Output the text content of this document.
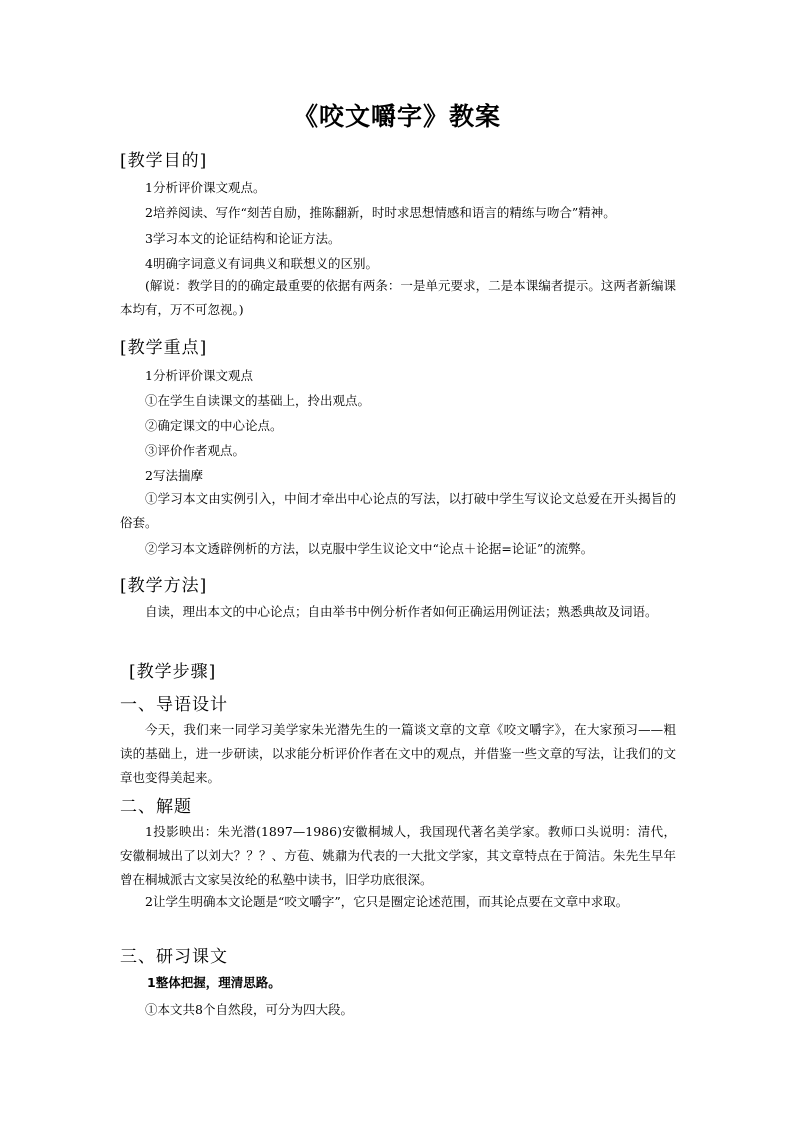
《咬文嚼字》教案
[教学目的]
1分析评价课文观点。
2培养阅读、写作“刻苦自励，推陈翻新，时时求思想情感和语言的精练与吻合”精神。
3学习本文的论证结构和论证方法。
4明确字词意义有词典义和联想义的区别。
(解说：教学目的的确定最重要的依据有两条：一是单元要求，二是本课编者提示。这两者新编课本均有，万不可忽视。)
[教学重点]
1分析评价课文观点
①在学生自读课文的基础上，拎出观点。
②确定课文的中心论点。
③评价作者观点。
2写法揣摩
①学习本文由实例引入，中间才牵出中心论点的写法，以打破中学生写议论文总爱在开头揭旨的俗套。
②学习本文透辟例析的方法，以克服中学生议论文中“论点＋论据=论证”的流弊。
[教学方法]
自读，理出本文的中心论点；自由举书中例分析作者如何正确运用例证法；熟悉典故及词语。
[教学步骤]
一、导语设计
今天，我们来一同学习美学家朱光潜先生的一篇谈文章的文章《咬文嚼字》，在大家预习——粗读的基础上，进一步研读，以求能分析评价作者在文中的观点，并借鉴一些文章的写法，让我们的文章也变得美起来。
二、解题
1投影映出：朱光潜(1897—1986)安徽桐城人，我国现代著名美学家。教师口头说明：清代，安徽桐城出了以刘大？？？、方苞、姚鼐为代表的一大批文学家，其文章特点在于简洁。朱先生早年曾在桐城派古文家吴汝纶的私塾中读书，旧学功底很深。
2让学生明确本文论题是“咬文嚼字”，它只是圈定论述范围，而其论点要在文章中求取。
三、研习课文
1整体把握，理清思路。
①本文共8个自然段，可分为四大段。
